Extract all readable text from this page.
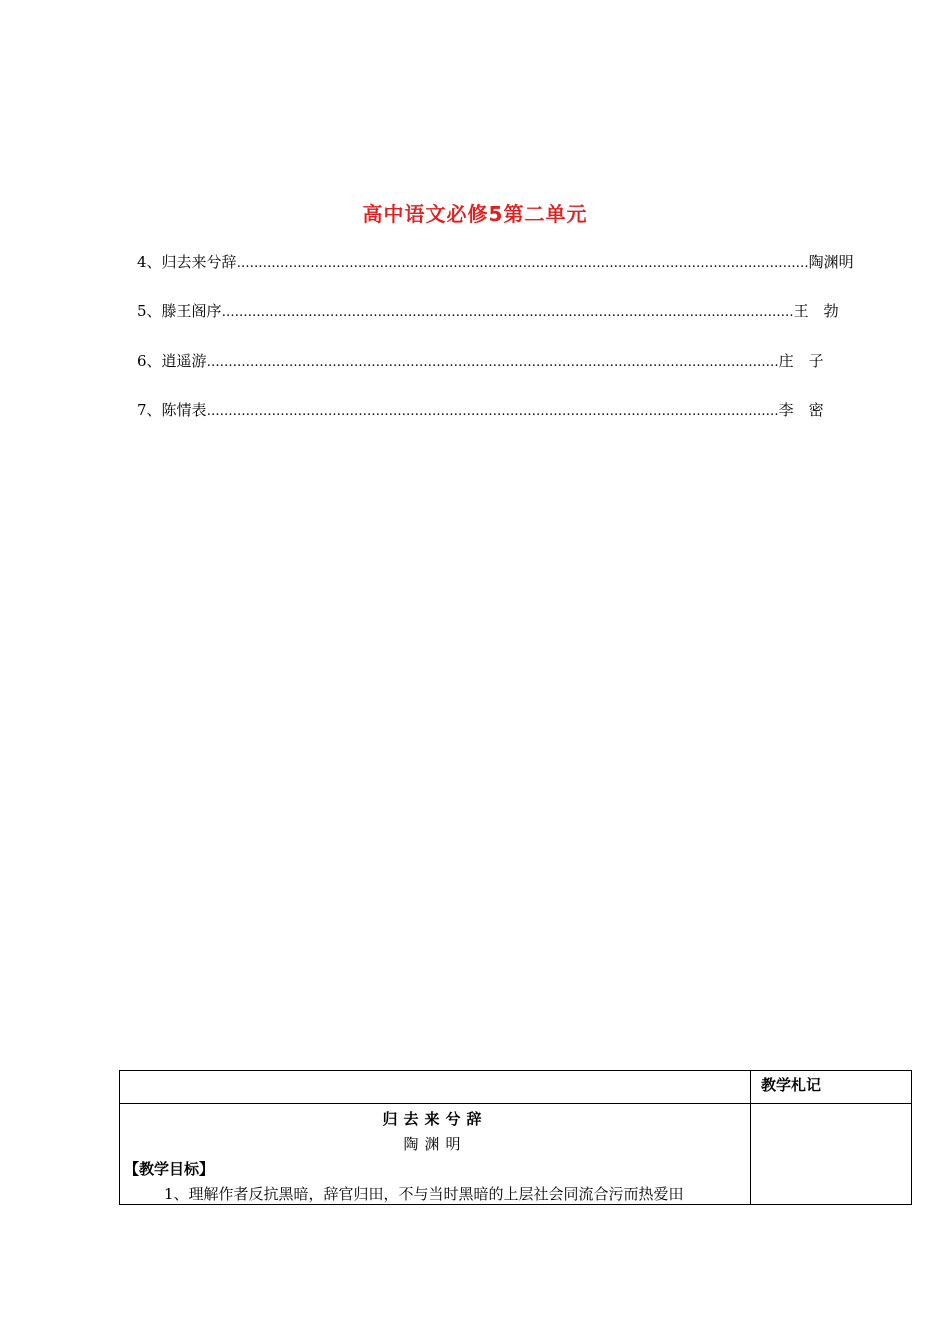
高中语文必修5第二单元
4、 归去来兮辞 …………………………………………………………………………………………………………………… 陶渊明
5、 滕王阁序 …………………………………………………………………………………………………………………… 王　勃
6、 逍遥游 …………………………………………………………………………………………………………………… 庄　子
7、 陈情表 …………………………………………………………………………………………………………………… 李　密
	教学札记

归去来兮辞
陶渊明
【教学目标】
1、理解作者反抗黑暗，辞官归田，不与当时黑暗的上层社会同流合污而热爱田	
